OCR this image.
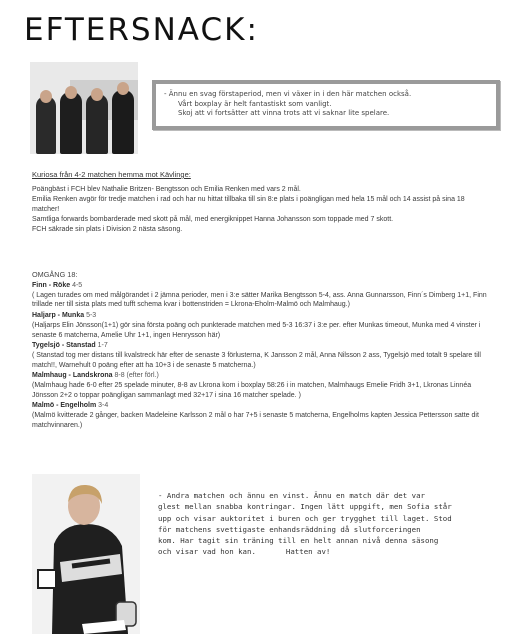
EFTERSNACK:
- Ännu en svag förstaperiod, men vi växer in i den här matchen också.
Vårt boxplay är helt fantastiskt som vanligt.
Skoj att vi fortsätter att vinna trots att vi saknar lite spelare.
Kuriosa från 4-2 matchen hemma mot Kävlinge:

Poängbäst i FCH blev Nathalie Britzen- Bengtsson och Emilia Renken med vars 2 mål.

Emilia Renken avgör för tredje matchen i rad och har nu hittat tillbaka till sin 8:e plats i poängligan med hela 15 mål och 14 assist på sina 18 matcher!

Samtliga forwards bombarderade med skott på mål, med energiknippet Hanna Johansson som toppade med 7 skott.

FCH säkrade sin plats i Division 2 nästa säsong.

OMGÅNG 18:
Finn - Röke 4-5
( Lagen turades om med målgörandet i 2 jämna perioder, men i 3:e sätter Marika Bengtsson 5-4, ass. Anna Gunnarsson, Finn´s Dimberg 1+1, Finn trillade ner till sista plats med tufft schema kvar i bottenstriden = Lkrona-Eholm-Malmö och Malmhaug.)
Haljarp - Munka 5-3
(Haljarps Elin Jönsson(1+1) gör sina första poäng och punkterade matchen med 5-3 16:37 i 3:e per. efter Munkas timeout, Munka med 4 vinster i senaste 6 matcherna, Amelie Uhr 1+1, ingen Henrysson här)
Tygelsjö - Stanstad 1-7
( Stanstad tog mer distans till kvalstreck här efter de senaste 3 förlusterna, K Jansson 2 mål, Anna Nilsson 2 ass, Tygelsjö med totalt 9 spelare till match!!, Warnehult 0 poäng efter att ha 10+3 i de senaste 5 matcherna.)
Malmhaug - Landskrona 8-8 (efter förl.)
(Malmhaug hade 6-0 efter 25 spelade minuter, 8-8 av Lkrona kom i boxplay 58:26 i in matchen, Malmhaugs Emelie Fridh 3+1, Lkronas Linnéa Jönsson 2+2 o toppar poängligan sammanlagt med 32+17 i sina 16 matcher spelade. )
Malmö - Engelholm 3-4
(Malmö kvitterade 2 gånger, backen Madeleine Karlsson 2 mål o har 7+5 i senaste 5 matcherna, Engelholms kapten Jessica Pettersson satte dit matchvinnaren.)
- Andra matchen och ännu en vinst. Ännu en match där det var
glest mellan snabba kontringar. Ingen lätt uppgift, men Sofia står
upp och visar auktoritet i buren och ger trygghet till laget. Stod
för matchens svettigaste enhandsräddning då slutforceringen
kom. Har tagit sin träning till en helt annan nivå denna säsong
och visar vad hon kan.	Hatten av!
